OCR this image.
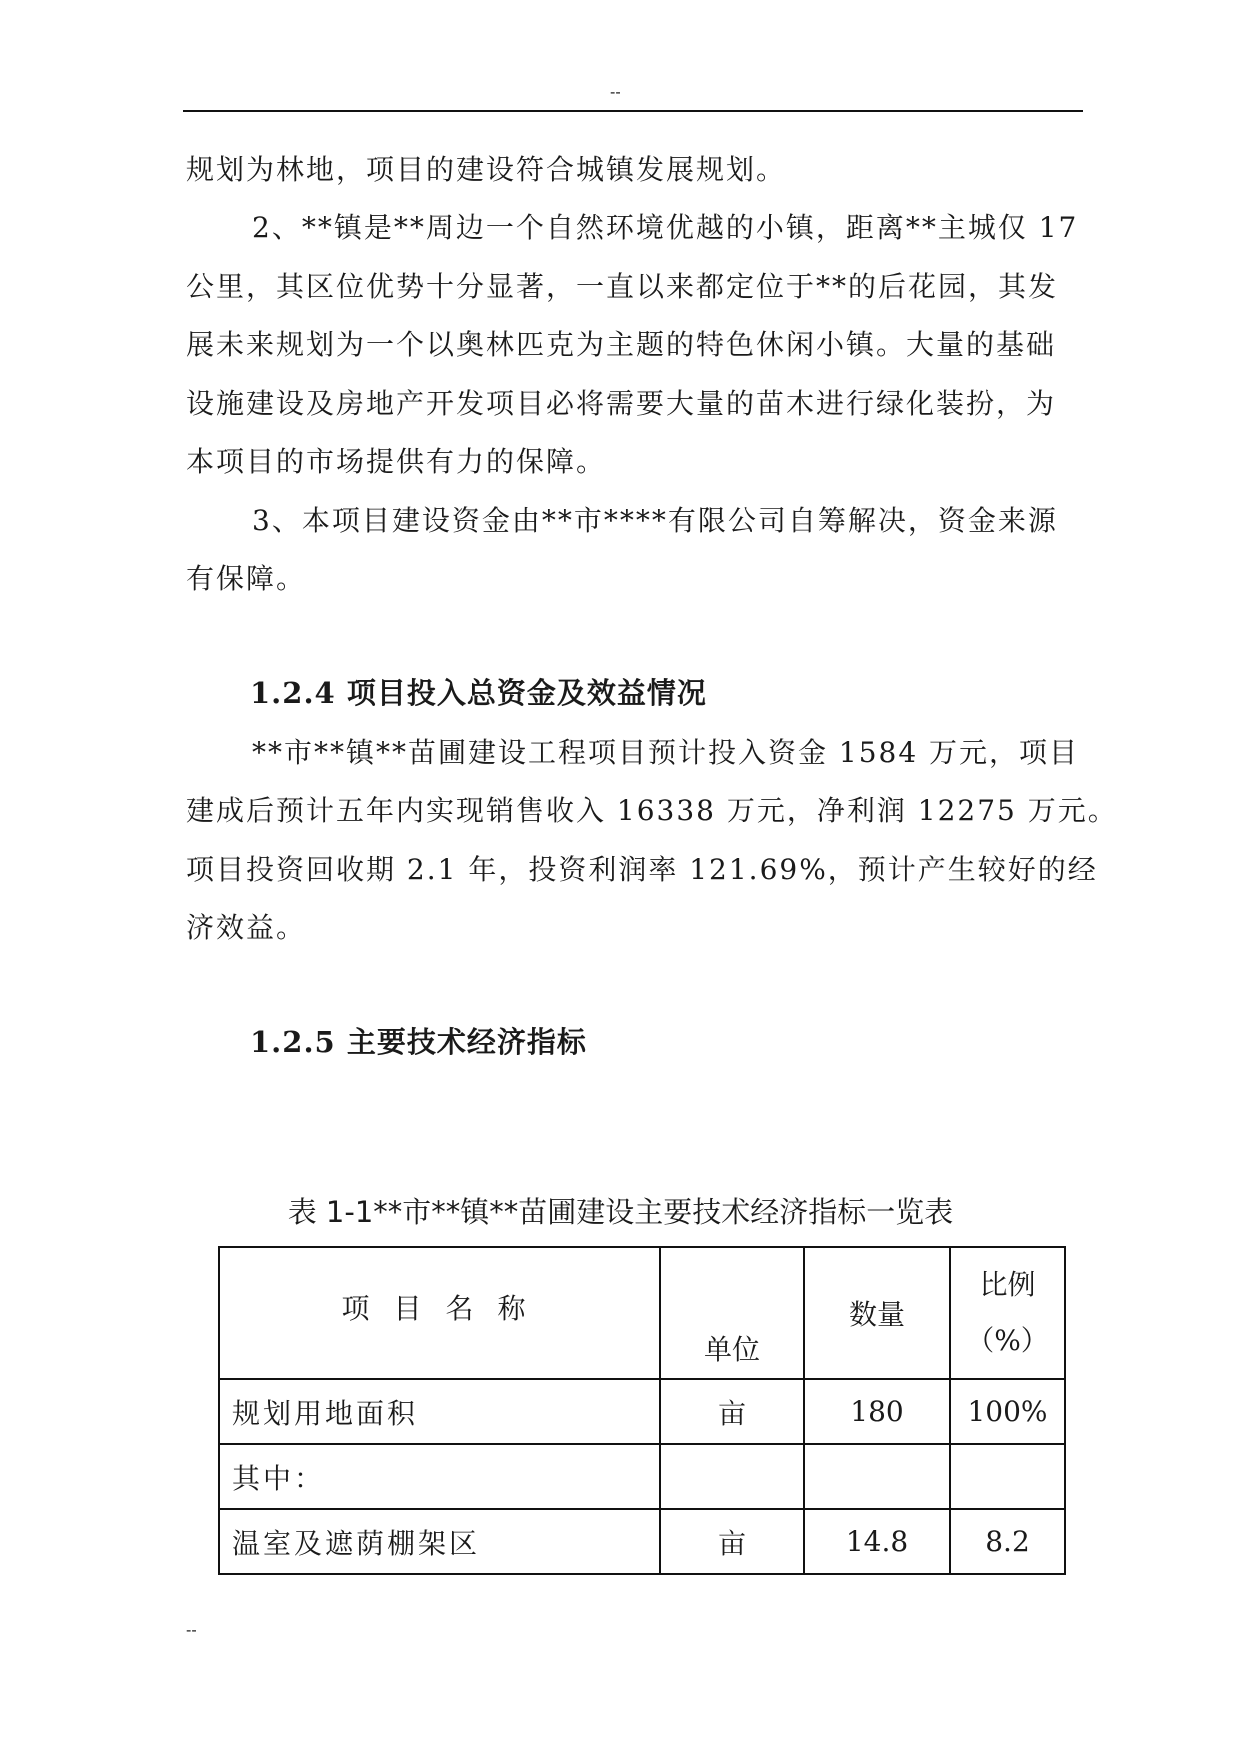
--
规划为林地，项目的建设符合城镇发展规划。
2、**镇是**周边一个自然环境优越的小镇，距离**主城仅 17
公里，其区位优势十分显著，一直以来都定位于**的后花园，其发
展未来规划为一个以奥林匹克为主题的特色休闲小镇。大量的基础
设施建设及房地产开发项目必将需要大量的苗木进行绿化装扮，为
本项目的市场提供有力的保障。
3、本项目建设资金由**市****有限公司自筹解决，资金来源
有保障。
1.2.4 项目投入总资金及效益情况
**市**镇**苗圃建设工程项目预计投入资金 1584 万元，项目
建成后预计五年内实现销售收入 16338 万元，净利润 12275 万元。
项目投资回收期 2.1 年，投资利润率 121.69%，预计产生较好的经
济效益。
1.2.5 主要技术经济指标
表 1-1**市**镇**苗圃建设主要技术经济指标一览表
项目名称	单位	数量	比例
（%）
规划用地面积	亩	180	100%
其中：			
温室及遮荫棚架区	亩	14.8	8.2
--
